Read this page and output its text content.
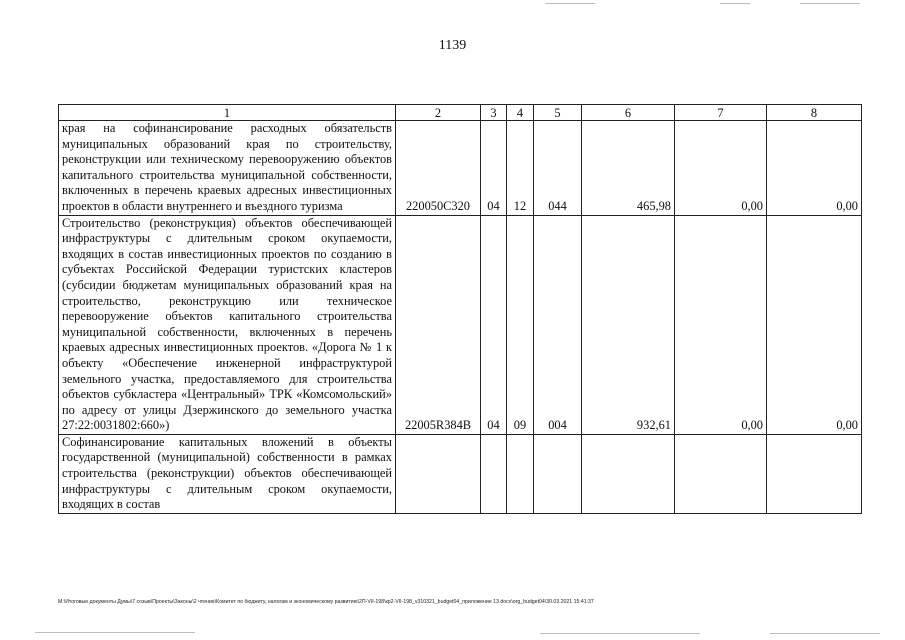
1139
1	2	3	4	5	6	7	8
края на софинансирование расходных обязательств муниципальных образований края по строительству, реконструкции или техническому перевооружению объектов капитального строительства муниципальной собственности, включенных в перечень краевых адресных инвестиционных проектов в области внутреннего и въездного туризма	220050С320	04	12	044	465,98	0,00	0,00
Строительство (реконструкция) объектов обеспечивающей инфраструктуры с длительным сроком окупаемости, входящих в состав инвестиционных проектов по созданию в субъектах Российской Федерации туристских кластеров (субсидии бюджетам муниципальных образований края на строительство, реконструкцию или техническое перевооружение объектов капитального строительства муниципальной собственности, включенных в перечень краевых адресных инвестиционных проектов. «Дорога № 1 к объекту «Обеспечение инженерной инфраструктурой земельного участка, предоставляемого для строительства объектов субкластера «Центральный» ТРК «Комсомольский» по адресу от улицы Дзержинского до земельного участка 27:22:0031802:660»)	22005R384B	04	09	004	932,61	0,00	0,00
Софинансирование капитальных вложений в объекты государственной (муниципальной) собственности в рамках строительства (реконструкции) объектов обеспечивающей инфраструктуры с длительным сроком окупаемости, входящих в состав							
М:\Итоговые документы Думы\7 созыв\Проекты\Законы\2 чтение\Комитет по бюджету, налогам и экономическому развитию\2П-VII-198\кр2-VII-198_v310321_budget04_приложение 13.docx\org_budget04\30.03.2021 15:41:37
